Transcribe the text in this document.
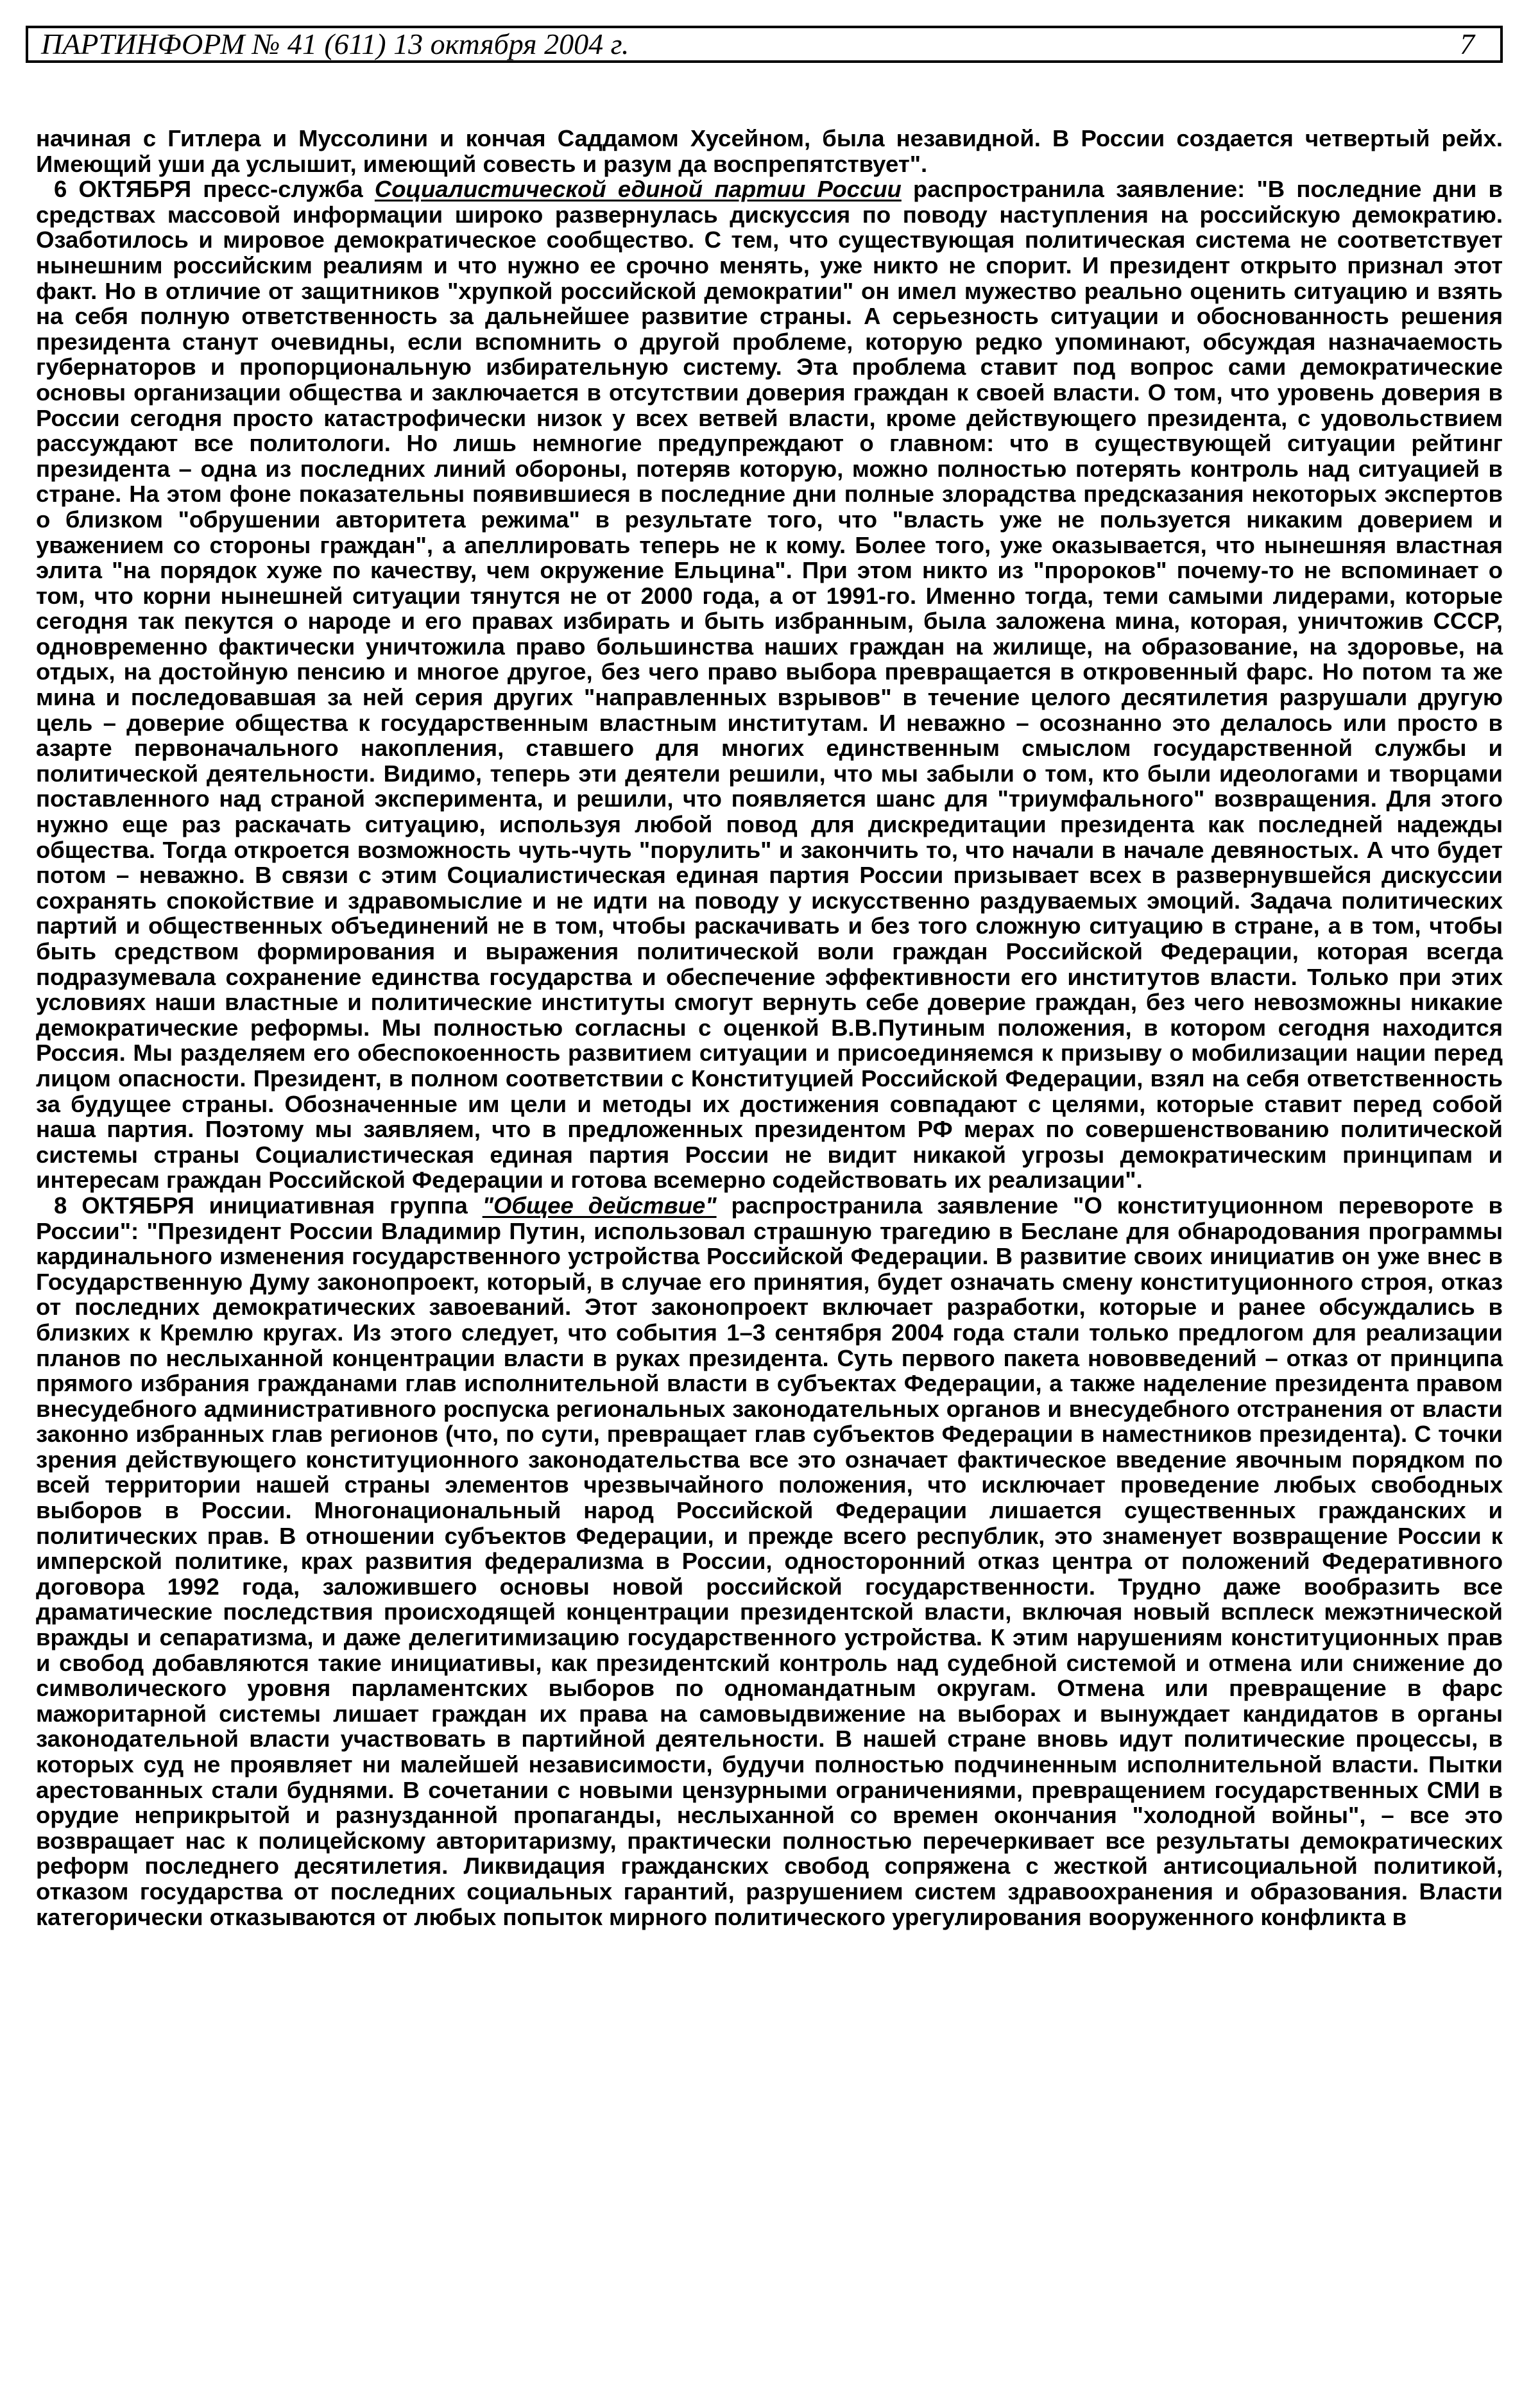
ПАРТИНФОРМ № 41 (611) 13 октября 2004 г.	7

начиная с Гитлера и Муссолини и кончая Саддамом Хусейном, была незавидной. В России создается четвертый рейх. Имеющий уши да услышит, имеющий совесть и разум да воспрепятствует".

6 ОКТЯБРЯ пресс-служба Социалистической единой партии России распространила заявление: "В последние дни в средствах массовой информации широко развернулась дискуссия по поводу наступления на российскую демократию. Озаботилось и мировое демократическое сообщество. С тем, что существующая политическая система не соответствует нынешним российским реалиям и что нужно ее срочно менять, уже никто не спорит. И президент открыто признал этот факт. Но в отличие от защитников "хрупкой российской демократии" он имел мужество реально оценить ситуацию и взять на себя полную ответственность за дальнейшее развитие страны. А серьезность ситуации и обоснованность решения президента станут очевидны, если вспомнить о другой проблеме, которую редко упоминают, обсуждая назначаемость губернаторов и пропорциональную избирательную систему. Эта проблема ставит под вопрос сами демократические основы организации общества и заключается в отсутствии доверия граждан к своей власти. О том, что уровень доверия в России сегодня просто катастрофически низок у всех ветвей власти, кроме действующего президента, с удовольствием рассуждают все политологи. Но лишь немногие предупреждают о главном: что в существующей ситуации рейтинг президента – одна из последних линий обороны, потеряв которую, можно полностью потерять контроль над ситуацией в стране. На этом фоне показательны появившиеся в последние дни полные злорадства предсказания некоторых экспертов о близком "обрушении авторитета режима" в результате того, что "власть уже не пользуется никаким доверием и уважением со стороны граждан", а апеллировать теперь не к кому. Более того, уже оказывается, что нынешняя властная элита "на порядок хуже по качеству, чем окружение Ельцина". При этом никто из "пророков" почему-то не вспоминает о том, что корни нынешней ситуации тянутся не от 2000 года, а от 1991-го. Именно тогда, теми самыми лидерами, которые сегодня так пекутся о народе и его правах избирать и быть избранным, была заложена мина, которая, уничтожив СССР, одновременно фактически уничтожила право большинства наших граждан на жилище, на образование, на здоровье, на отдых, на достойную пенсию и многое другое, без чего право выбора превращается в откровенный фарс. Но потом та же мина и последовавшая за ней серия других "направленных взрывов" в течение целого десятилетия разрушали другую цель – доверие общества к государственным властным институтам. И неважно – осознанно это делалось или просто в азарте первоначального накопления, ставшего для многих единственным смыслом государственной службы и политической деятельности. Видимо, теперь эти деятели решили, что мы забыли о том, кто были идеологами и творцами поставленного над страной эксперимента, и решили, что появляется шанс для "триумфального" возвращения. Для этого нужно еще раз раскачать ситуацию, используя любой повод для дискредитации президента как последней надежды общества. Тогда откроется возможность чуть-чуть "порулить" и закончить то, что начали в начале девяностых. А что будет потом – неважно. В связи с этим Социалистическая единая партия России призывает всех в развернувшейся дискуссии сохранять спокойствие и здравомыслие и не идти на поводу у искусственно раздуваемых эмоций. Задача политических партий и общественных объединений не в том, чтобы раскачивать и без того сложную ситуацию в стране, а в том, чтобы быть средством формирования и выражения политической воли граждан Российской Федерации, которая всегда подразумевала сохранение единства государства и обеспечение эффективности его институтов власти. Только при этих условиях наши властные и политические институты смогут вернуть себе доверие граждан, без чего невозможны никакие демократические реформы. Мы полностью согласны с оценкой В.В.Путиным положения, в котором сегодня находится Россия. Мы разделяем его обеспокоенность развитием ситуации и присоединяемся к призыву о мобилизации нации перед лицом опасности. Президент, в полном соответствии с Конституцией Российской Федерации, взял на себя ответственность за будущее страны. Обозначенные им цели и методы их достижения совпадают с целями, которые ставит перед собой наша партия. Поэтому мы заявляем, что в предложенных президентом РФ мерах по совершенствованию политической системы страны Социалистическая единая партия России не видит никакой угрозы демократическим принципам и интересам граждан Российской Федерации и готова всемерно содействовать их реализации".

8 ОКТЯБРЯ инициативная группа "Общее действие" распространила заявление "О конституционном перевороте в России": "Президент России Владимир Путин, использовал страшную трагедию в Беслане для обнародования программы кардинального изменения государственного устройства Российской Федерации. В развитие своих инициатив он уже внес в Государственную Думу законопроект, который, в случае его принятия, будет означать смену конституционного строя, отказ от последних демократических завоеваний. Этот законопроект включает разработки, которые и ранее обсуждались в близких к Кремлю кругах. Из этого следует, что события 1–3 сентября 2004 года стали только предлогом для реализации планов по неслыханной концентрации власти в руках президента. Суть первого пакета нововведений – отказ от принципа прямого избрания гражданами глав исполнительной власти в субъектах Федерации, а также наделение президента правом внесудебного административного роспуска региональных законодательных органов и внесудебного отстранения от власти законно избранных глав регионов (что, по сути, превращает глав субъектов Федерации в наместников президента). С точки зрения действующего конституционного законодательства все это означает фактическое введение явочным порядком по всей территории нашей страны элементов чрезвычайного положения, что исключает проведение любых свободных выборов в России. Многонациональный народ Российской Федерации лишается существенных гражданских и политических прав. В отношении субъектов Федерации, и прежде всего республик, это знаменует возвращение России к имперской политике, крах развития федерализма в России, односторонний отказ центра от положений Федеративного договора 1992 года, заложившего основы новой российской государственности. Трудно даже вообразить все драматические последствия происходящей концентрации президентской власти, включая новый всплеск межэтнической вражды и сепаратизма, и даже делегитимизацию государственного устройства. К этим нарушениям конституционных прав и свобод добавляются такие инициативы, как президентский контроль над судебной системой и отмена или снижение до символического уровня парламентских выборов по одномандатным округам. Отмена или превращение в фарс мажоритарной системы лишает граждан их права на самовыдвижение на выборах и вынуждает кандидатов в органы законодательной власти участвовать в партийной деятельности. В нашей стране вновь идут политические процессы, в которых суд не проявляет ни малейшей независимости, будучи полностью подчиненным исполнительной власти. Пытки арестованных стали буднями. В сочетании с новыми цензурными ограничениями, превращением государственных СМИ в орудие неприкрытой и разнузданной пропаганды, неслыханной со времен окончания "холодной войны", – все это возвращает нас к полицейскому авторитаризму, практически полностью перечеркивает все результаты демократических реформ последнего десятилетия. Ликвидация гражданских свобод сопряжена с жесткой антисоциальной политикой, отказом государства от последних социальных гарантий, разрушением систем здравоохранения и образования. Власти категорически отказываются от любых попыток мирного политического урегулирования вооруженного конфликта в
